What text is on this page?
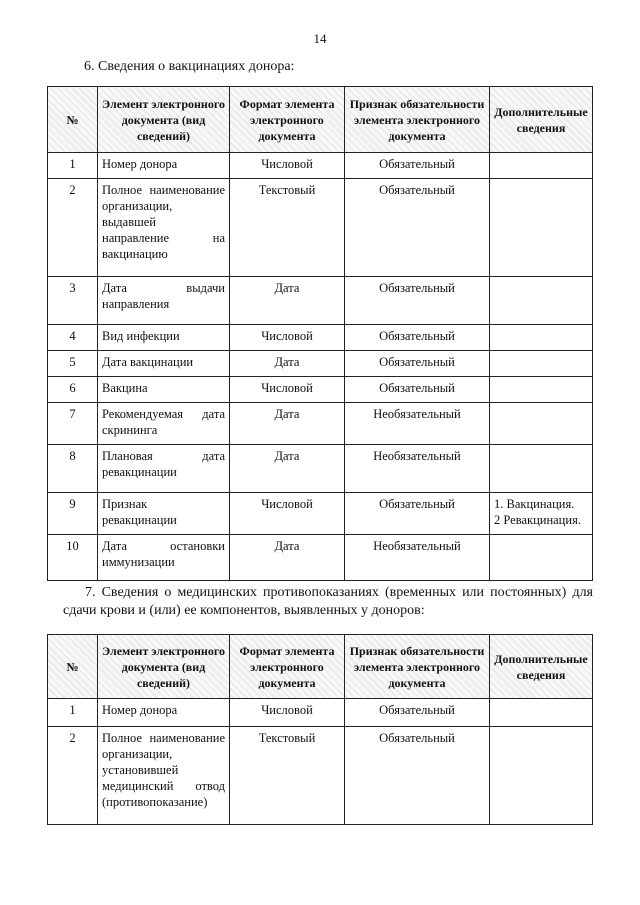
14
6. Сведения о вакцинациях донора:
№	Элемент электронного документа (вид сведений)	Формат элемента электронного документа	Признак обязательности элемента электронного документа	Дополнительные сведения
1	Номер донора	Числовой	Обязательный	
2	Полное наименование организации, выдавшей направление на вакцинацию	Текстовый	Обязательный	
3	Дата выдачи направления	Дата	Обязательный	
4	Вид инфекции	Числовой	Обязательный	
5	Дата вакцинации	Дата	Обязательный	
6	Вакцина	Числовой	Обязательный	
7	Рекомендуемая дата скрининга	Дата	Необязательный	
8	Плановая дата ревакцинации	Дата	Необязательный	
9	Признак ревакцинации	Числовой	Обязательный	1. Вакцинация.
2 Ревакцинация.

10	Дата остановки иммунизации	Дата	Необязательный	
7. Сведения о медицинских противопоказаниях (временных или постоянных) для сдачи крови и (или) ее компонентов, выявленных у доноров:
№	Элемент электронного документа (вид сведений)	Формат элемента электронного документа	Признак обязательности элемента электронного документа	Дополнительные сведения
1	Номер донора	Числовой	Обязательный	
2	Полное наименование организации, установившей медицинский отвод (противопоказание)	Текстовый	Обязательный	
